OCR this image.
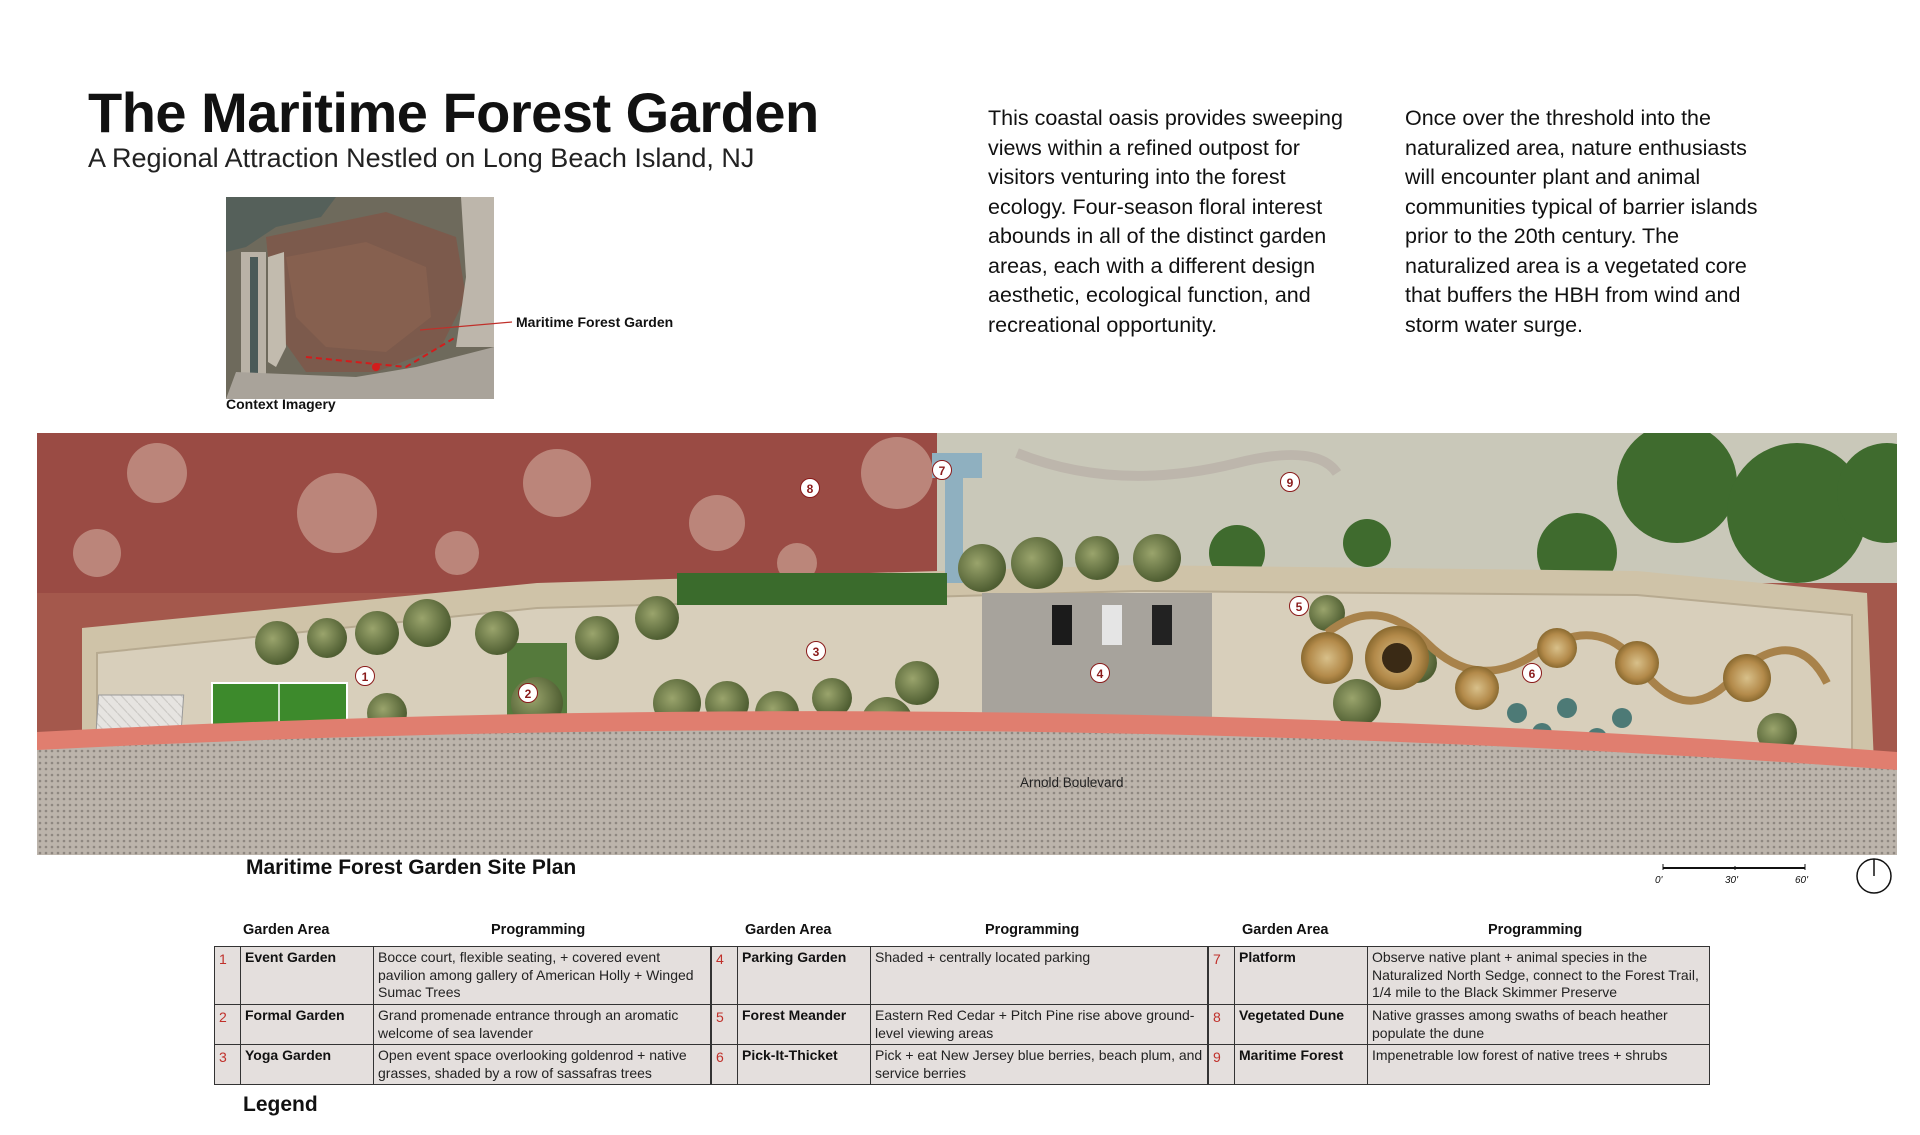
The Maritime Forest Garden
A Regional Attraction Nestled on Long Beach Island, NJ
This coastal oasis provides sweeping views within a refined outpost for visitors venturing into the forest ecology. Four-season floral interest abounds in all of the distinct garden areas, each with a different design aesthetic, ecological function, and recreational opportunity.
Once over the threshold into the naturalized area, nature enthusiasts will encounter plant and animal communities typical of barrier islands prior to the 20th century. The naturalized area is a vegetated core that buffers the HBH from wind and storm water surge.
Maritime Forest Garden
Context Imagery
Arnold Boulevard
1
2
3
4
5
6
7
8	9
Maritime Forest Garden Site Plan
0'	30'	60'
Garden Area	Programming	Garden Area	Programming	Garden Area	Programming
1	Event Garden	Bocce court, flexible seating, + covered event pavilion among gallery of American Holly + Winged Sumac Trees
2	Formal Garden	Grand promenade entrance through an aromatic welcome of sea lavender
3	Yoga Garden	Open event space overlooking goldenrod + native grasses, shaded by a row of sassafras trees
4	Parking Garden	Shaded + centrally located parking
5	Forest Meander	Eastern Red Cedar + Pitch Pine rise above ground-level viewing areas
6	Pick-It-Thicket	Pick + eat New Jersey blue berries, beach plum, and service berries
7	Platform	Observe native plant + animal species in the Naturalized North Sedge, connect to the Forest Trail, 1/4 mile to the Black Skimmer Preserve
8	Vegetated Dune	Native grasses among swaths of beach heather populate the dune
9	Maritime Forest	Impenetrable low forest of native trees + shrubs
Legend
